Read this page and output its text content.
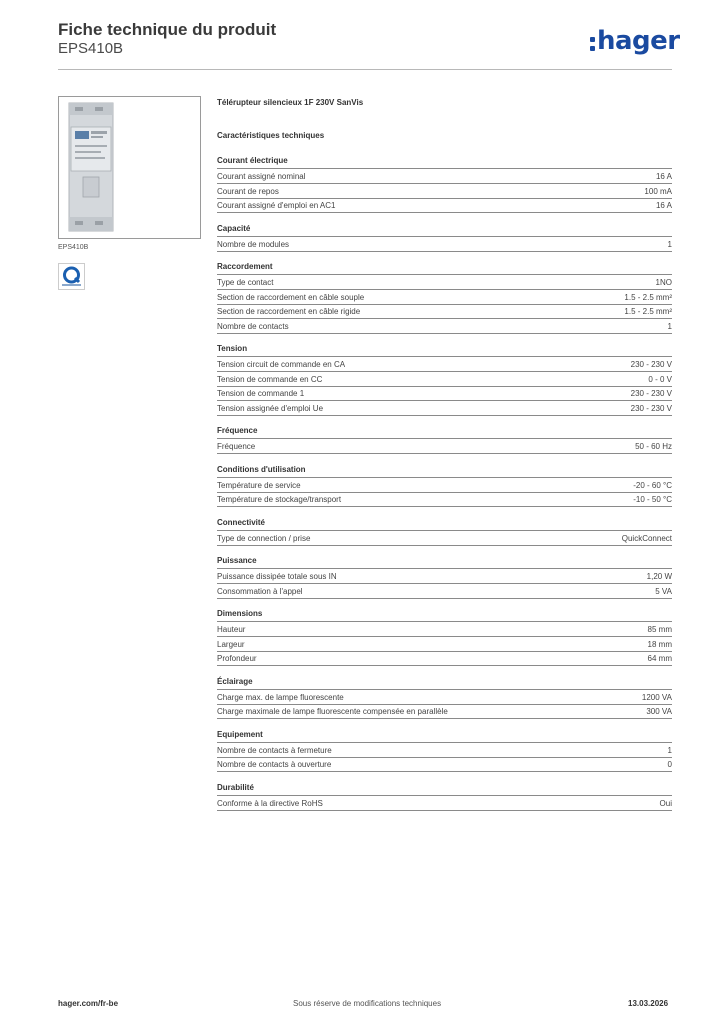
Fiche technique du produit
EPS410B	hager
EPS410B
Télérupteur silencieux 1F 230V SanVis
Caractéristiques techniques
Courant électrique
Courant assigné nominal	16 A
Courant de repos	100 mA
Courant assigné d'emploi en AC1	16 A
Capacité
Nombre de modules	1
Raccordement
Type de contact	1NO
Section de raccordement en câble souple	1.5 - 2.5 mm²
Section de raccordement en câble rigide	1.5 - 2.5 mm²
Nombre de contacts	1
Tension
Tension circuit de commande en CA	230 - 230 V
Tension de commande en CC	0 - 0 V
Tension de commande 1	230 - 230 V
Tension assignée d'emploi Ue	230 - 230 V
Fréquence
Fréquence	50 - 60 Hz
Conditions d'utilisation
Température de service	-20 - 60 °C
Température de stockage/transport	-10 - 50 °C
Connectivité
Type de connection / prise	QuickConnect
Puissance
Puissance dissipée totale sous IN	1,20 W
Consommation à l'appel	5 VA
Dimensions
Hauteur	85 mm
Largeur	18 mm
Profondeur	64 mm
Éclairage
Charge max. de lampe fluorescente	1200 VA
Charge maximale de lampe fluorescente compensée en parallèle	300 VA
Equipement
Nombre de contacts à fermeture	1
Nombre de contacts à ouverture	0
Durabilité
Conforme à la directive RoHS	Oui
hager.com/fr-be	Sous réserve de modifications techniques	13.03.2026
